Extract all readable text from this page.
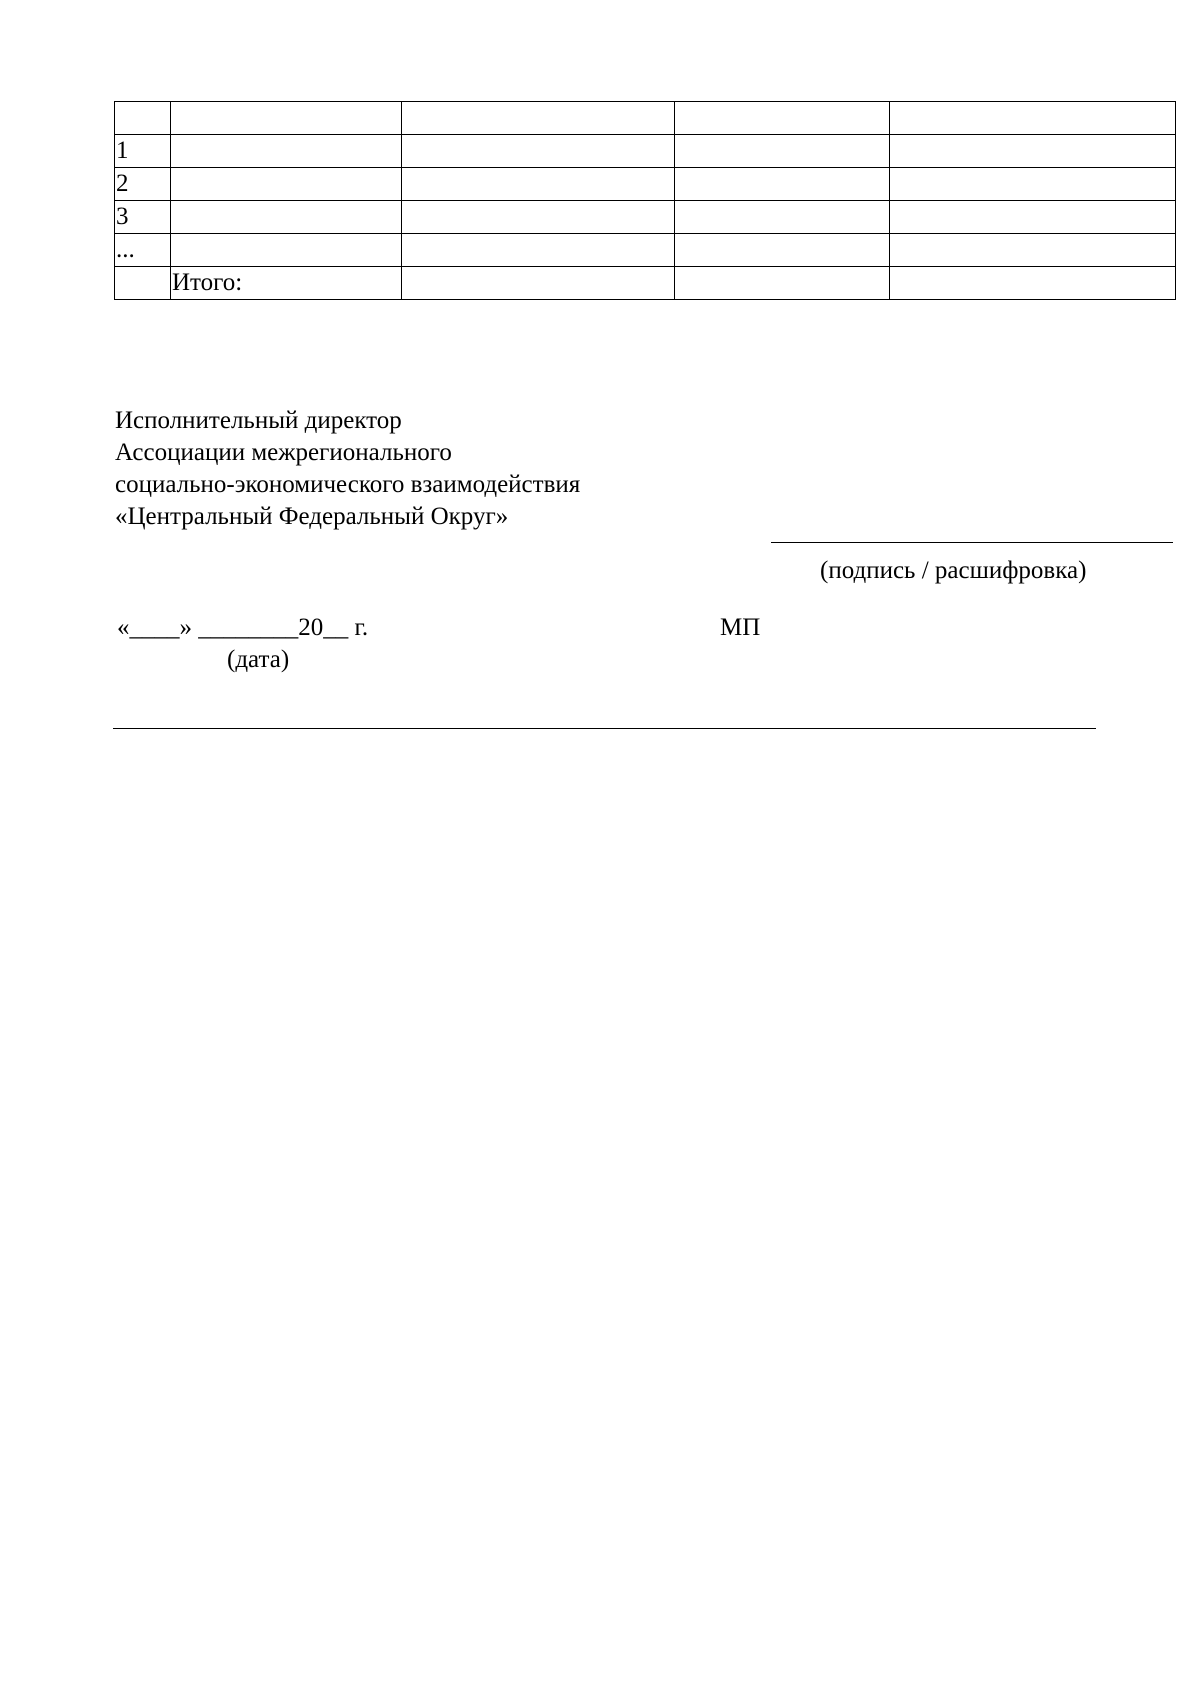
1				
2				
3				
...				
	Итого:			
Исполнительный директор
Ассоциации межрегионального
социально-экономического взаимодействия
«Центральный Федеральный Округ»
(подпись / расшифровка)
«____» ________20__ г.
(дата)
МП
